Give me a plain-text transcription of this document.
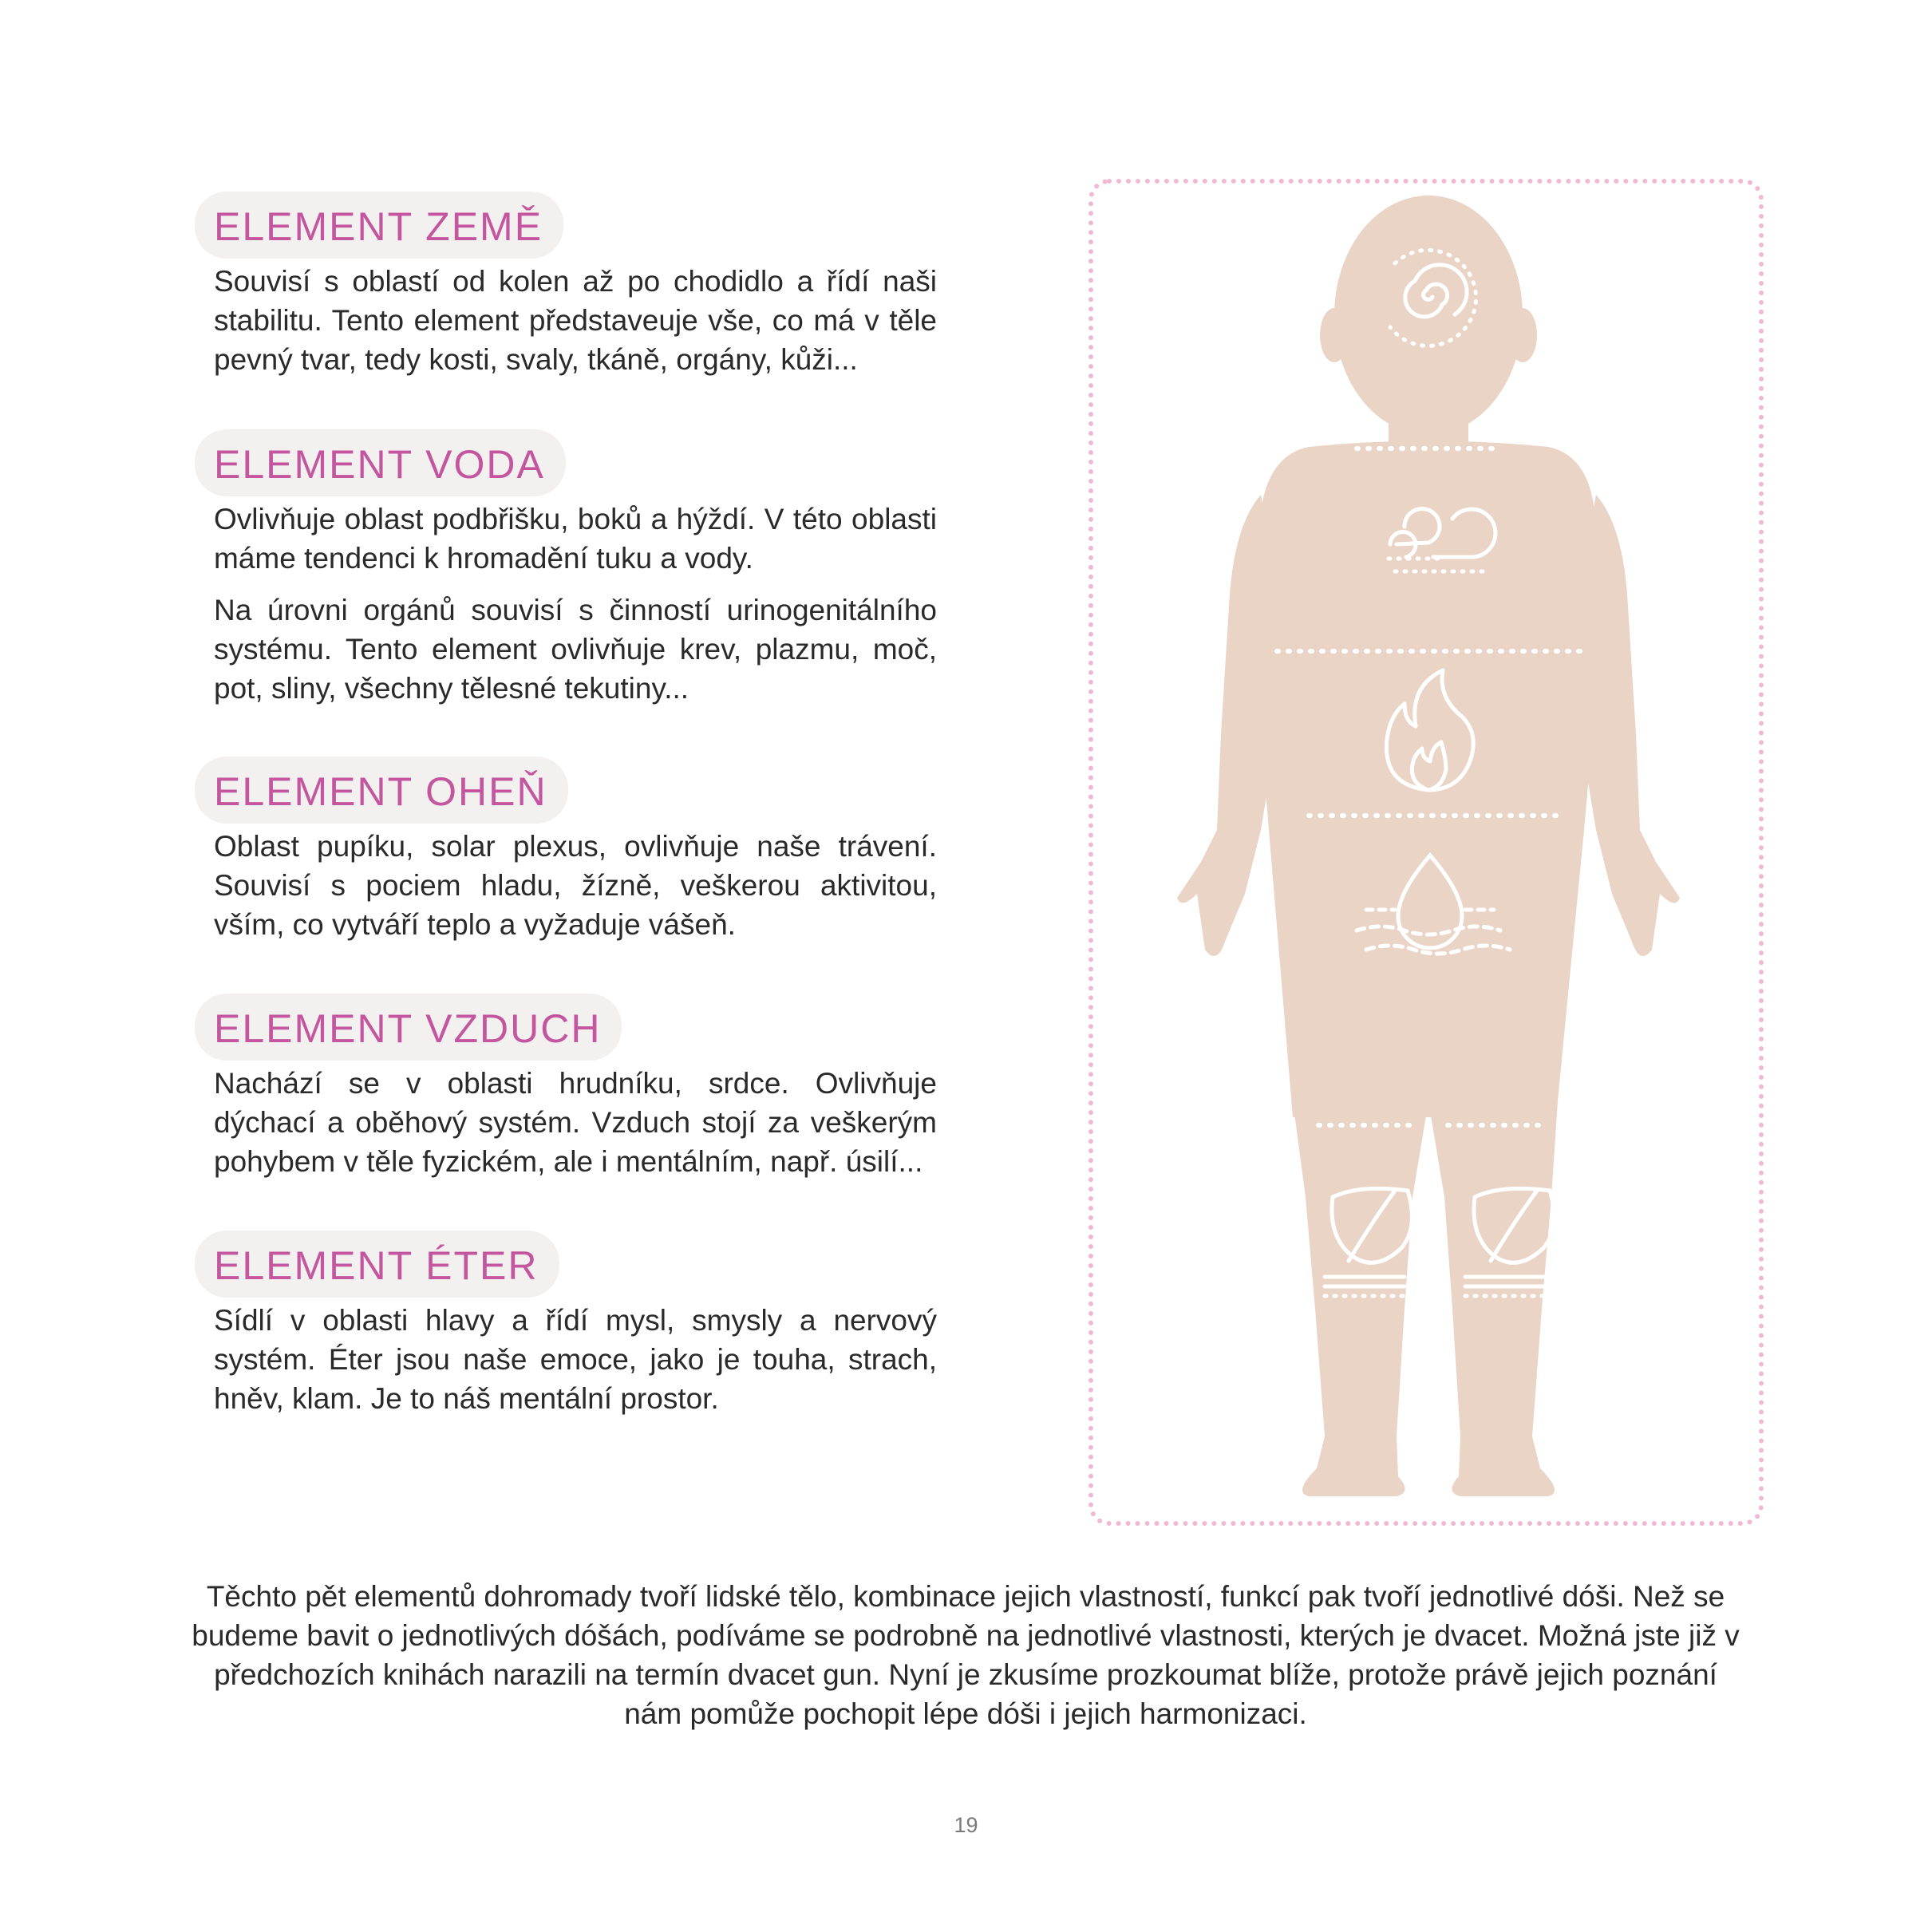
ELEMENT ZEMĚ

Souvisí s oblastí od kolen až po chodidlo a řídí naši stabilitu. Tento element představeuje vše, co má v těle pevný tvar, tedy kosti, svaly, tkáně, orgány, kůži...

ELEMENT VODA

Ovlivňuje oblast podbřišku, boků a hýždí. V této oblasti máme tendenci k hromadění tuku a vody.

Na úrovni orgánů souvisí s činností urinogenitálního systému. Tento element ovlivňuje krev, plazmu, moč, pot, sliny, všechny tělesné tekutiny...

ELEMENT OHEŇ

Oblast pupíku, solar plexus, ovlivňuje naše trávení. Souvisí s pociem hladu, žízně, veškerou aktivitou, vším, co vytváří teplo a vyžaduje vášeň.

ELEMENT VZDUCH

Nachází se v oblasti hrudníku, srdce. Ovlivňuje dýchací a oběhový systém. Vzduch stojí za veškerým pohybem v těle fyzickém, ale i mentálním, např. úsilí...

ELEMENT ÉTER

Sídlí v oblasti hlavy a řídí mysl, smysly a nervový systém. Éter jsou naše emoce, jako je touha, strach, hněv, klam. Je to náš mentální prostor.

Těchto pět elementů dohromady tvoří lidské tělo, kombinace jejich vlastností, funkcí pak tvoří jednotlivé dóši. Než se budeme bavit o jednotlivých dóšách, podíváme se podrobně na jednotlivé vlastnosti, kterých je dvacet. Možná jste již v předchozích knihách narazili na termín dvacet gun. Nyní je zkusíme prozkoumat blíže, protože právě jejich poznání nám pomůže pochopit lépe dóši i jejich harmonizaci.
19
